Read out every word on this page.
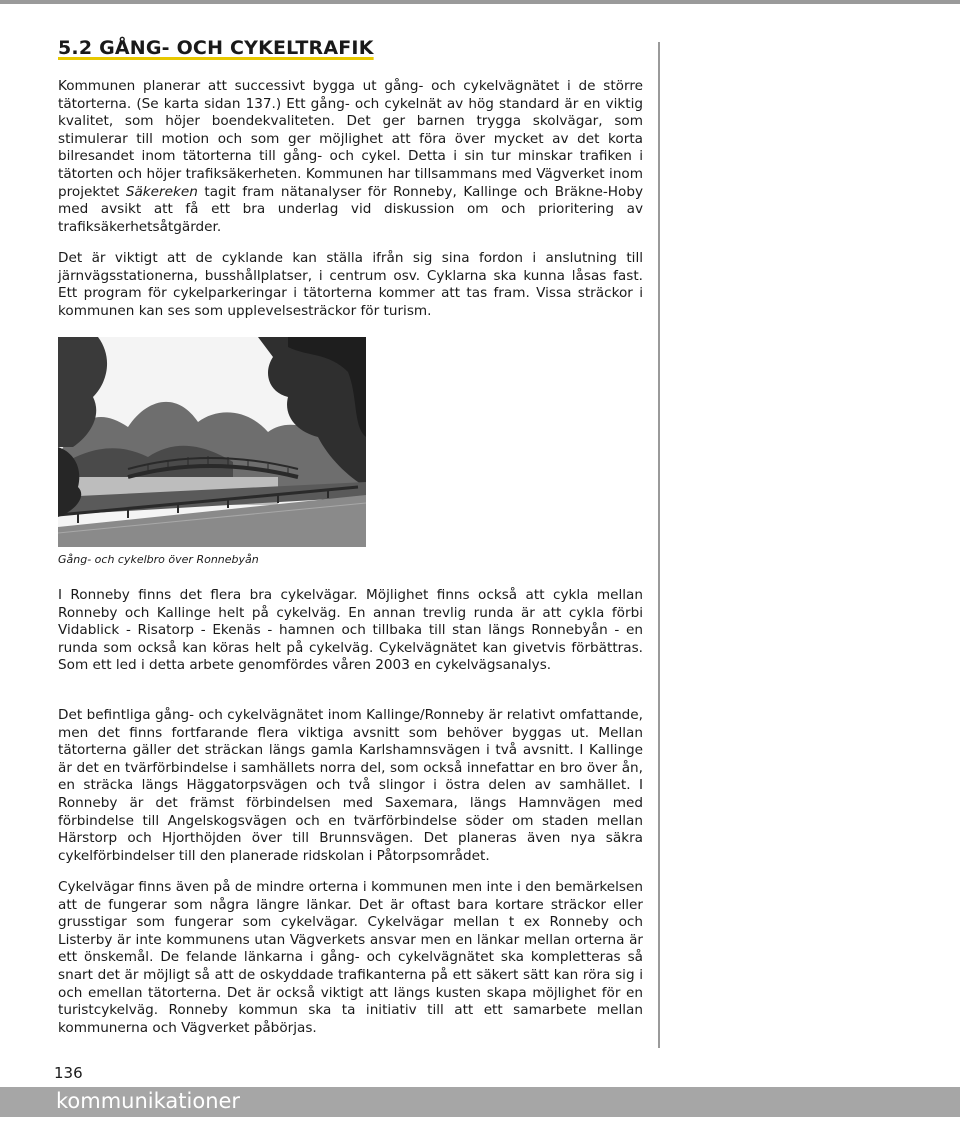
5.2 GÅNG- OCH CYKELTRAFIK

Kommunen planerar att successivt bygga ut gång- och cykelvägnätet i de större tätorterna. (Se karta sidan 137.) Ett gång- och cykelnät av hög standard är en viktig kvalitet, som höjer boendekvaliteten. Det ger barnen trygga skolvägar, som stimulerar till motion och som ger möjlighet att föra över mycket av det korta bilresandet inom tätorterna till gång- och cykel. Detta i sin tur minskar trafiken i tätorten och höjer trafiksäkerheten. Kommunen har tillsammans med Vägverket inom projektet Säkereken tagit fram nätanalyser för Ronneby, Kallinge och Bräkne-Hoby med avsikt att få ett bra underlag vid diskussion om och prioritering av trafiksäkerhetsåtgärder.

Det är viktigt att de cyklande kan ställa ifrån sig sina fordon i anslutning till järnvägsstationerna, busshållplatser, i centrum osv. Cyklarna ska kunna låsas fast. Ett program för cykelparkeringar i tätorterna kommer att tas fram. Vissa sträckor i kommunen kan ses som upplevelsesträckor för turism.

Gång- och cykelbro över Ronnebyån

I Ronneby finns det flera bra cykelvägar. Möjlighet finns också att cykla mellan Ronneby och Kallinge helt på cykelväg. En annan trevlig runda är att cykla förbi Vidablick - Risatorp - Ekenäs - hamnen och tillbaka till stan längs Ronnebyån - en runda som också kan köras helt på cykelväg. Cykelvägnätet kan givetvis förbättras. Som ett led i detta arbete genomfördes våren 2003 en cykelvägsanalys.

Det befintliga gång- och cykelvägnätet inom Kallinge/Ronneby är relativt omfattande, men det finns fortfarande flera viktiga avsnitt som behöver byggas ut. Mellan tätorterna gäller det sträckan längs gamla Karlshamnsvägen i två avsnitt. I Kallinge är det en tvärförbindelse i samhällets norra del, som också innefattar en bro över ån, en sträcka längs Häggatorpsvägen och två slingor i östra delen av samhället. I Ronneby är det främst förbindelsen med Saxemara, längs Hamnvägen med förbindelse till Angelskogsvägen och en tvärförbindelse söder om staden mellan Härstorp och Hjorthöjden över till Brunnsvägen. Det planeras även nya säkra cykelförbindelser till den planerade ridskolan i Påtorpsområdet.

Cykelvägar finns även på de mindre orterna i kommunen men inte i den bemärkelsen att de fungerar som några längre länkar. Det är oftast bara kortare sträckor eller grusstigar som fungerar som cykelvägar. Cykelvägar mellan t ex Ronneby och Listerby är inte kommunens utan Vägverkets ansvar men en länkar mellan orterna är ett önskemål. De felande länkarna i gång- och cykelvägnätet ska kompletteras så snart det är möjligt så att de oskyddade trafikanterna på ett säkert sätt kan röra sig i och emellan tätorterna. Det är också viktigt att längs kusten skapa möjlighet för en turistcykelväg. Ronneby kommun ska ta initiativ till att ett samarbete mellan kommunerna och Vägverket påbörjas.

136
kommunikationer
